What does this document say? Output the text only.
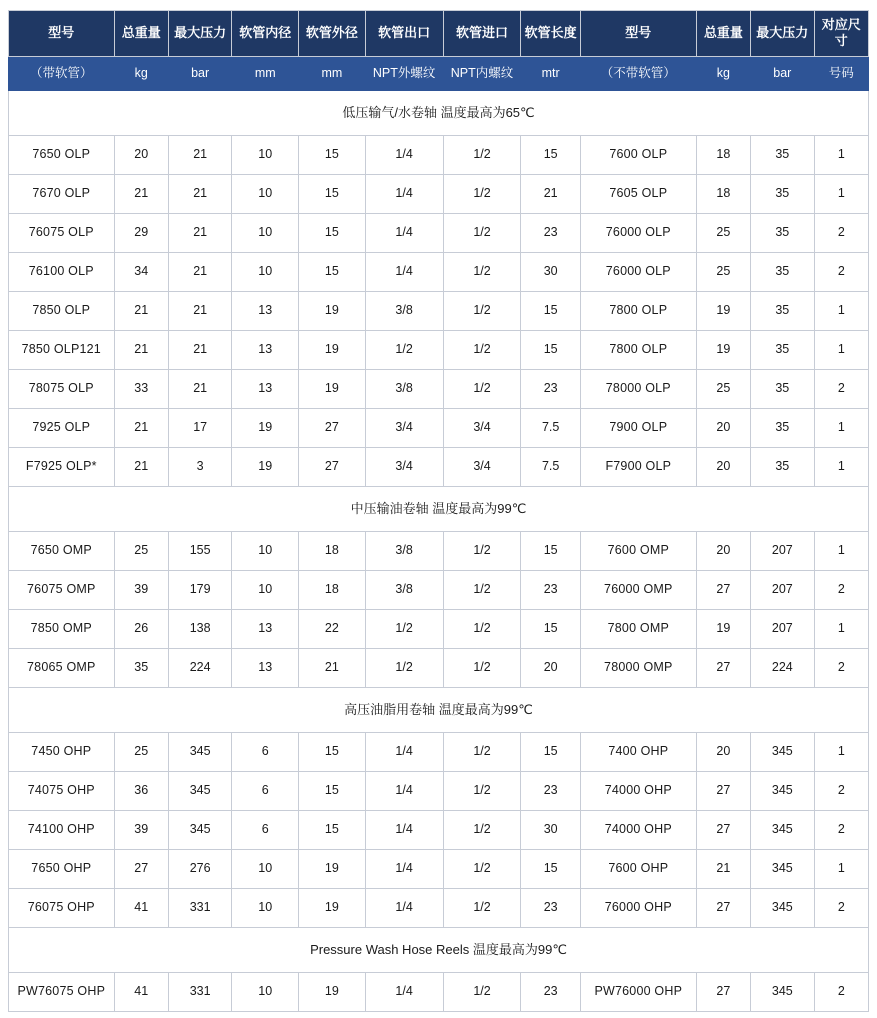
型号	总重量	最大压力	软管内径	软管外径	软管出口	软管进口	软管长度	型号	总重量	最大压力	对应尺寸
（带软管）	kg	bar	mm	mm	NPT外螺纹	NPT内螺纹	mtr	（不带软管）	kg	bar	号码
低压输气/水卷轴 温度最高为65℃											
7650 OLP	20	21	10	15	1/4	1/2	15	7600 OLP	18	35	1
7670 OLP	21	21	10	15	1/4	1/2	21	7605 OLP	18	35	1
76075 OLP	29	21	10	15	1/4	1/2	23	76000 OLP	25	35	2
76100 OLP	34	21	10	15	1/4	1/2	30	76000 OLP	25	35	2
7850 OLP	21	21	13	19	3/8	1/2	15	7800 OLP	19	35	1
7850 OLP121	21	21	13	19	1/2	1/2	15	7800 OLP	19	35	1
78075 OLP	33	21	13	19	3/8	1/2	23	78000 OLP	25	35	2
7925 OLP	21	17	19	27	3/4	3/4	7.5	7900 OLP	20	35	1
F7925 OLP*	21	3	19	27	3/4	3/4	7.5	F7900 OLP	20	35	1
中压输油卷轴 温度最高为99℃											
7650 OMP	25	155	10	18	3/8	1/2	15	7600 OMP	20	207	1
76075 OMP	39	179	10	18	3/8	1/2	23	76000 OMP	27	207	2
7850 OMP	26	138	13	22	1/2	1/2	15	7800 OMP	19	207	1
78065 OMP	35	224	13	21	1/2	1/2	20	78000 OMP	27	224	2
高压油脂用卷轴 温度最高为99℃											
7450 OHP	25	345	6	15	1/4	1/2	15	7400 OHP	20	345	1
74075 OHP	36	345	6	15	1/4	1/2	23	74000 OHP	27	345	2
74100 OHP	39	345	6	15	1/4	1/2	30	74000 OHP	27	345	2
7650 OHP	27	276	10	19	1/4	1/2	15	7600 OHP	21	345	1
76075 OHP	41	331	10	19	1/4	1/2	23	76000 OHP	27	345	2
Pressure Wash Hose Reels 温度最高为99℃											
PW76075 OHP	41	331	10	19	1/4	1/2	23	PW76000 OHP	27	345	2
